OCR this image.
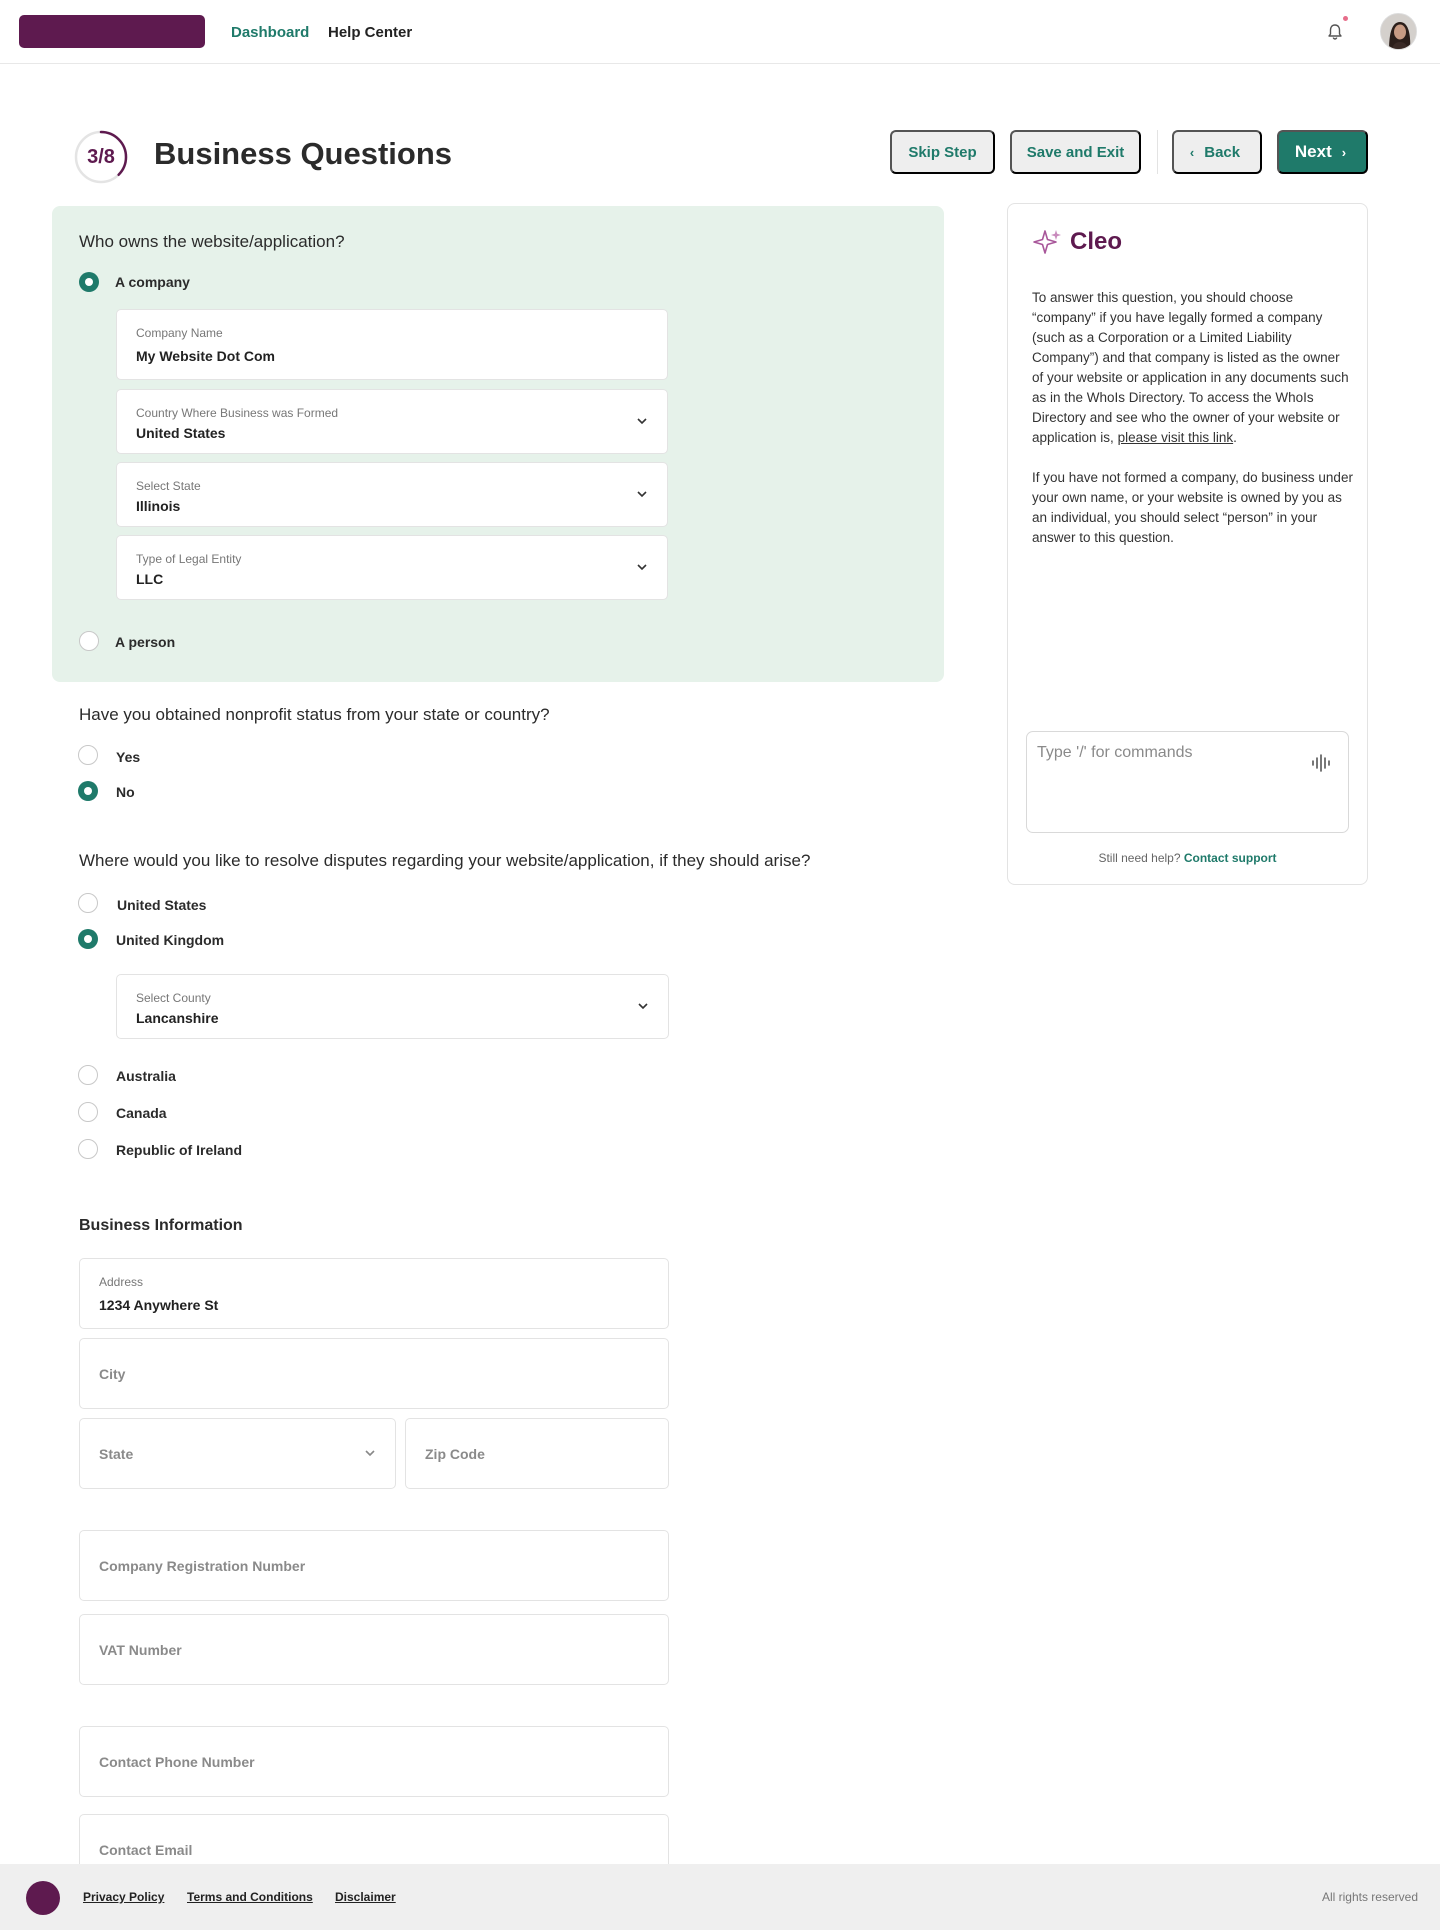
Dashboard Help Center
3/8	Business Questions	Skip Step	Save and Exit	‹ Back	Next ›
Who owns the website/application?
A company
Company Name
My Website Dot Com
Country Where Business was Formed
United States
Select State
Illinois
Type of Legal Entity
LLC
A person
Have you obtained nonprofit status from your state or country?
Yes
No
Where would you like to resolve disputes regarding your website/application, if they should arise?
United States
United Kingdom
Select County
Lancanshire
Australia
Canada
Republic of Ireland
Business Information
Address
1234 Anywhere St
City
State	Zip Code
Company Registration Number
VAT Number
Contact Phone Number
Contact Email
Cleo

To answer this question, you should choose “company” if you have legally formed a company (such as a Corporation or a Limited Liability Company”) and that company is listed as the owner of your website or application in any documents such as in the WhoIs Directory. To access the WhoIs Directory and see who the owner of your website or application is, please visit this link.

If you have not formed a company, do business under your own name, or your website is owned by you as an individual, you should select “person” in your answer to this question.

Type '/' for commands
Still need help? Contact support
Privacy Policy Terms and Conditions Disclaimer	All rights reserved
